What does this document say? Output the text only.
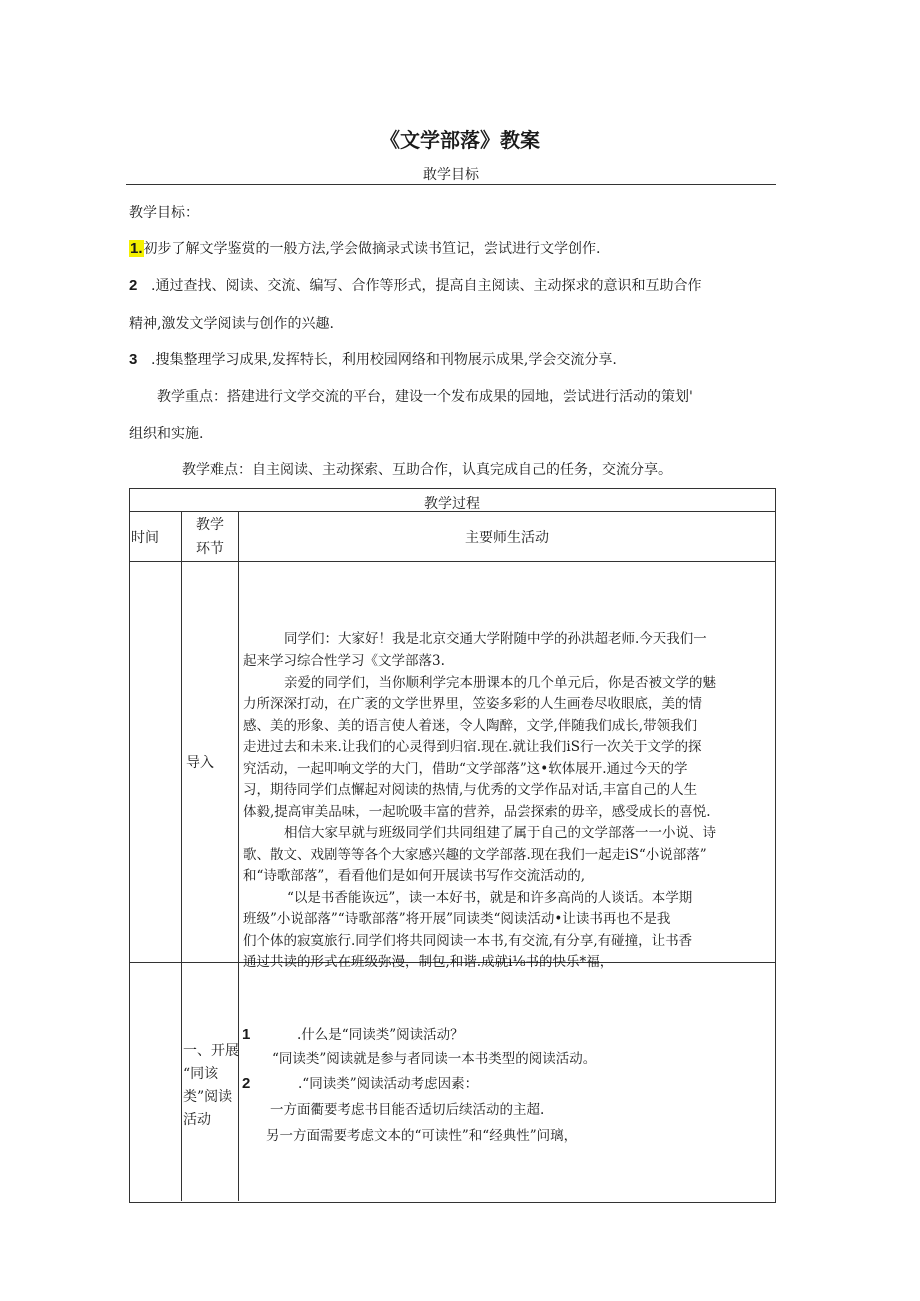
《文学部落》教案
敢学目标
教学目标：
1.初步了解文学鉴赏的一般方法,学会做摘录式读书笪记，尝试进行文学创作.
2 .通过查找、阅读、交流、编写、合作等形式，提高自主阅读、主动探求的意识和互助合作
精神,激发文学阅读与创作的兴趣.
3 .搜集整理学习成果,发挥特长，利用校园网络和刊物展示成果,学会交流分享.
教学重点：搭建进行文学交流的平台，建设一个发布成果的园地，尝试进行活动的策划'
组织和实施.
教学难点：自主阅读、主动探索、互助合作，认真完成自己的任务，交流分享。
教学过程
时间
教学
环节
主要师生活动
导入
同学们：大家好！我是北京交通大学附随中学的孙洪超老师.今天我们一
起来学习综合性学习《文学部落3.
亲爱的同学们，当你顺利学完本册课本的几个单元后，你是否被文学的魅
力所深深打动，在广袤的文学世界里，笠姿多彩的人生画卷尽收眼底，美的情
感、美的形象、美的语言使人着迷，令人陶醉，文学,伴随我们成长,带领我们
走进过去和未来.让我们的心灵得到归宿.现在.就让我们iS行一次关于文学的探
究活动，一起叩响文学的大门，借助“文学部落”这•软体展开.通过今天的学
习，期待同学们点懈起对阅读的热情,与优秀的文学作品对话,丰富自己的人生
体毅,提高审美品味，一起吮吸丰富的营养，品尝探索的毋辛，感受成长的喜悦.
相信大家早就与班级同学们共同组建了属于自己的文学部落一一小说、诗
歌、散文、戏剧等等各个大家感兴趣的文学部落.现在我们一起走iS“小说部落”
和“诗歌部落”，看看他们是如何开展读书写作交流活动的,
“以是书香能诙远”，读一本好书，就是和许多高尚的人谈话。本学期
班级”小说部落”“诗歌部落”将开展”同读类“阅读活动•让读书再也不是我
们个体的寂寞旅行.同学们将共同阅读一本书,有交流,有分享,有碰撞，让书香
通过共读的形式在班级弥漫，制包,和谐.成就i⅛书的快乐*福，
一、开展
“同该
类”阅读
活动
1	.什么是“同读类”阅读活动？
“同读类”阅读就是参与者同读一本书类型的阅读活动。
2	.“同读类”阅读活动考虑因素：
一方面衢要考虑书目能否适切后续活动的主超.
另一方面需要考虑文本的“可读性”和“经典性”问璃，
